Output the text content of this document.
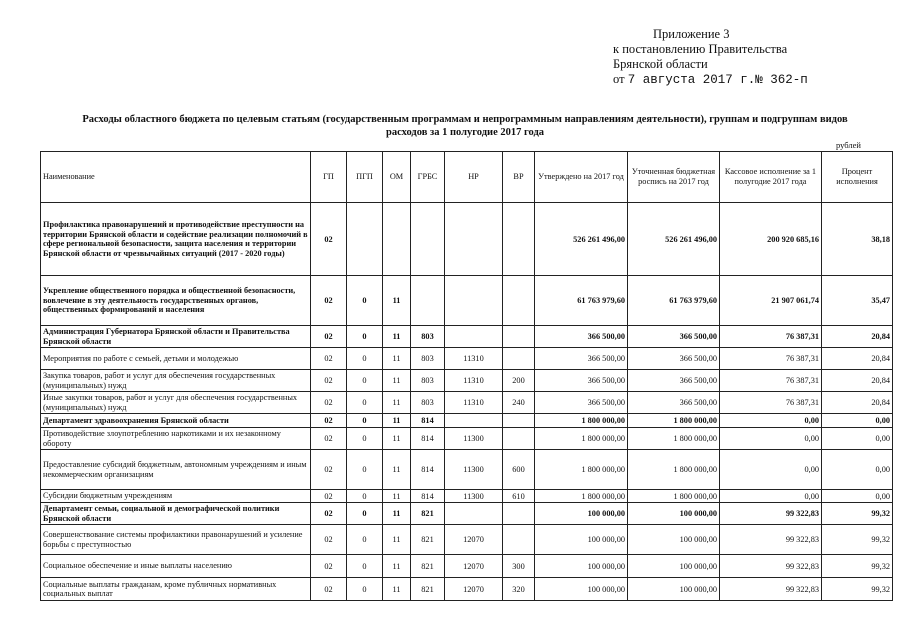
Приложение 3
к постановлению Правительства
Брянской области
от 7 августа 2017 г.№ 362-п
Расходы областного бюджета по целевым статьям (государственным программам и непрограммным направлениям деятельности), группам и подгруппам видов
расходов за 1 полугодие 2017 года
рублей
Наименование	ГП	ПГП	ОМ	ГРБС	НР	ВР	Утверждено на 2017 год	Уточненная бюджетная роспись на 2017 год	Кассовое исполнение за 1 полугодие 2017 года	Процент исполнения
Профилактика правонарушений и противодействие преступности на территории Брянской области и содействие реализации полномочий в сфере региональной безопасности, защита населения и территории Брянской области от чрезвычайных ситуаций (2017 - 2020 годы)	02						526 261 496,00	526 261 496,00	200 920 685,16	38,18
Укрепление общественного порядка и общественной безопасности, вовлечение в эту деятельность государственных органов, общественных формирований и населения	02	0	11				61 763 979,60	61 763 979,60	21 907 061,74	35,47
Администрация Губернатора Брянской области и Правительства Брянской области	02	0	11	803			366 500,00	366 500,00	76 387,31	20,84
Мероприятия по работе с семьей, детьми и молодежью	02	0	11	803	11310		366 500,00	366 500,00	76 387,31	20,84
Закупка товаров, работ и услуг для обеспечения государственных (муниципальных) нужд	02	0	11	803	11310	200	366 500,00	366 500,00	76 387,31	20,84
Иные закупки товаров, работ и услуг для обеспечения государственных (муниципальных) нужд	02	0	11	803	11310	240	366 500,00	366 500,00	76 387,31	20,84
Департамент здравоохранения Брянской области	02	0	11	814			1 800 000,00	1 800 000,00	0,00	0,00
Противодействие злоупотреблению наркотиками и их незаконному обороту	02	0	11	814	11300		1 800 000,00	1 800 000,00	0,00	0,00
Предоставление субсидий бюджетным, автономным учреждениям и иным некоммерческим организациям	02	0	11	814	11300	600	1 800 000,00	1 800 000,00	0,00	0,00
Субсидии бюджетным учреждениям	02	0	11	814	11300	610	1 800 000,00	1 800 000,00	0,00	0,00
Департамент семьи, социальной и демографической политики Брянской области	02	0	11	821			100 000,00	100 000,00	99 322,83	99,32
Совершенствование системы профилактики правонарушений и усиление борьбы с преступностью	02	0	11	821	12070		100 000,00	100 000,00	99 322,83	99,32
Социальное обеспечение и иные выплаты населению	02	0	11	821	12070	300	100 000,00	100 000,00	99 322,83	99,32
Социальные выплаты гражданам, кроме публичных нормативных социальных выплат	02	0	11	821	12070	320	100 000,00	100 000,00	99 322,83	99,32
